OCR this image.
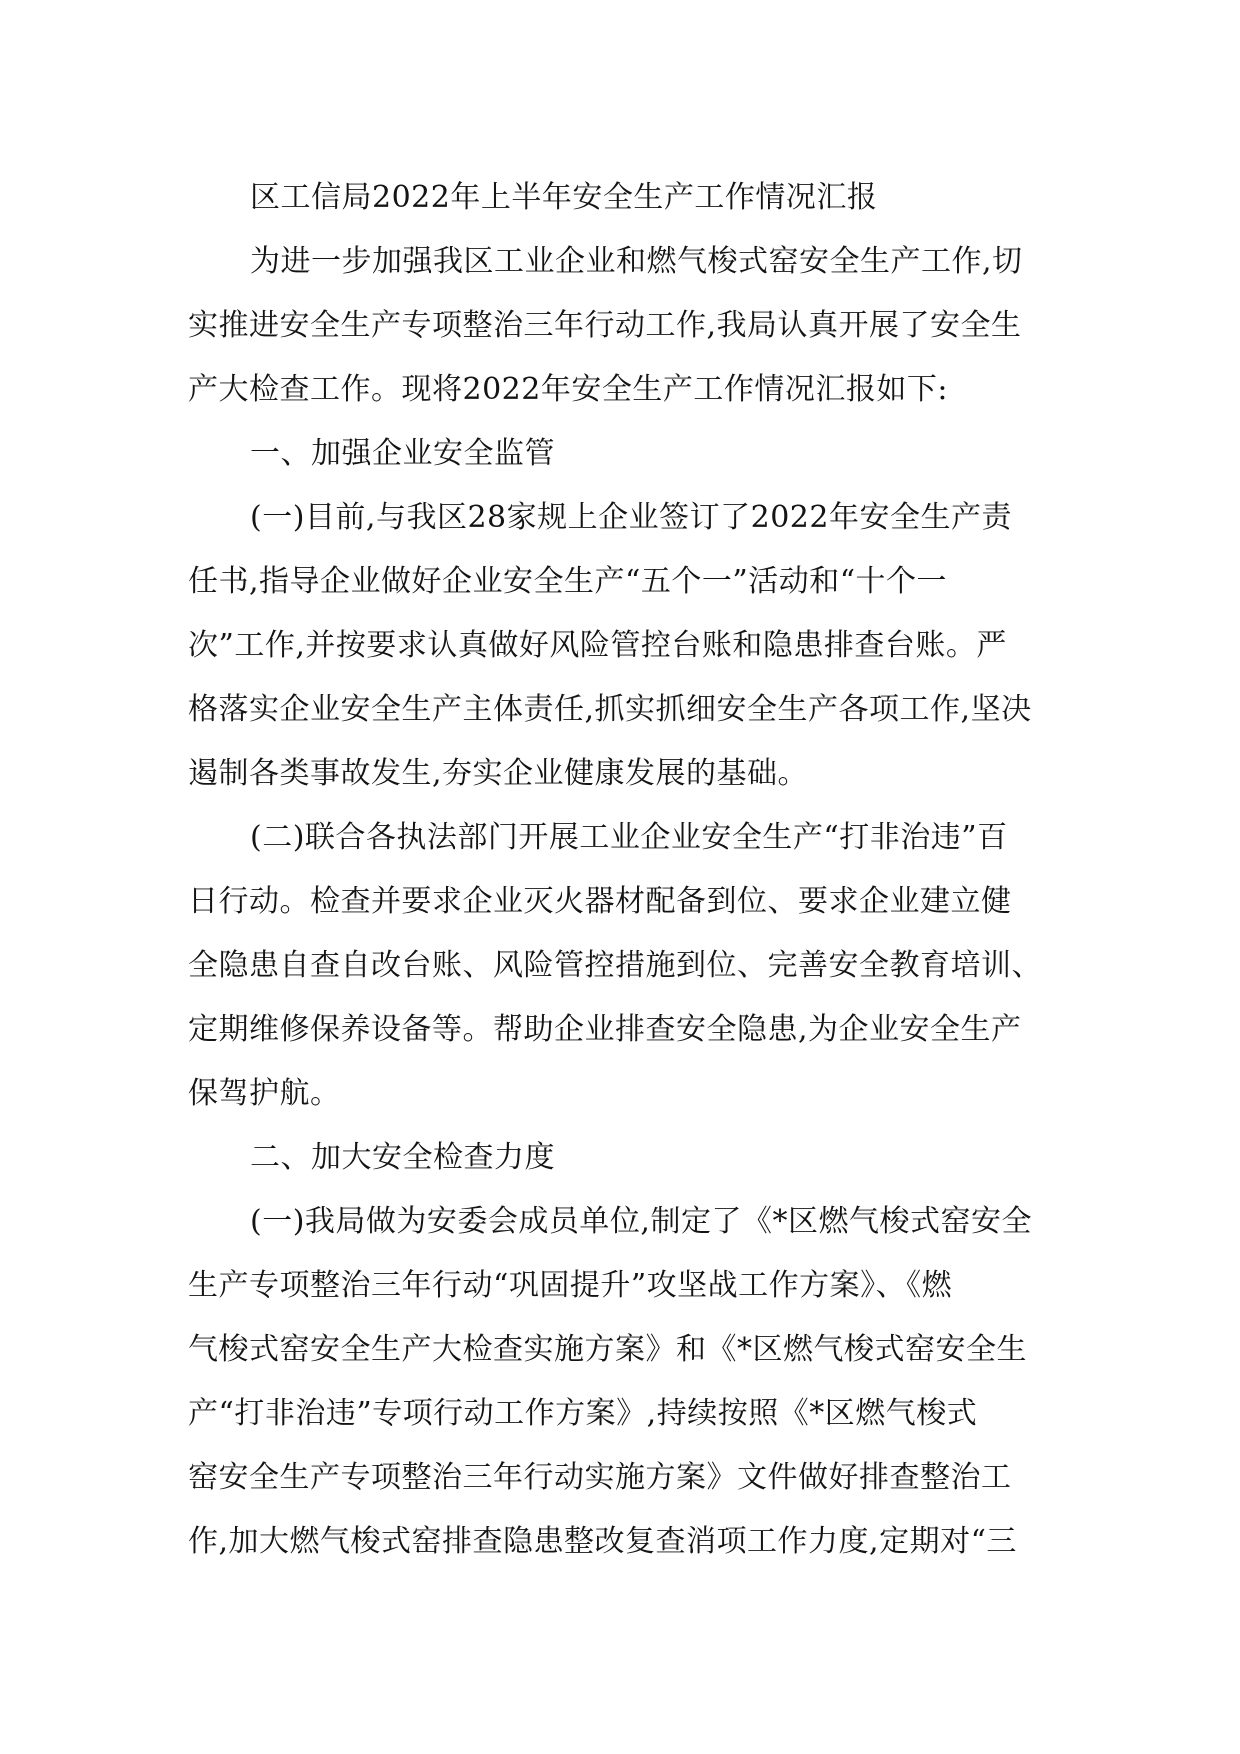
区工信局2022年上半年安全生产工作情况汇报
为进一步加强我区工业企业和燃气梭式窑安全生产工作,切
实推进安全生产专项整治三年行动工作,我局认真开展了安全生
产大检查工作。现将2022年安全生产工作情况汇报如下:
一、加强企业安全监管
(一)目前,与我区28家规上企业签订了2022年安全生产责
任书,指导企业做好企业安全生产“五个一”活动和“十个一
次”工作,并按要求认真做好风险管控台账和隐患排查台账。严
格落实企业安全生产主体责任,抓实抓细安全生产各项工作,坚决
遏制各类事故发生,夯实企业健康发展的基础。
(二)联合各执法部门开展工业企业安全生产“打非治违”百
日行动。检查并要求企业灭火器材配备到位、要求企业建立健
全隐患自查自改台账、风险管控措施到位、完善安全教育培训、
定期维修保养设备等。帮助企业排查安全隐患,为企业安全生产
保驾护航。
二、加大安全检查力度
(一)我局做为安委会成员单位,制定了《*区燃气梭式窑安全
生产专项整治三年行动“巩固提升”攻坚战工作方案》、《燃
气梭式窑安全生产大检查实施方案》和《*区燃气梭式窑安全生
产“打非治违”专项行动工作方案》,持续按照《*区燃气梭式
窑安全生产专项整治三年行动实施方案》文件做好排查整治工
作,加大燃气梭式窑排查隐患整改复查消项工作力度,定期对“三
